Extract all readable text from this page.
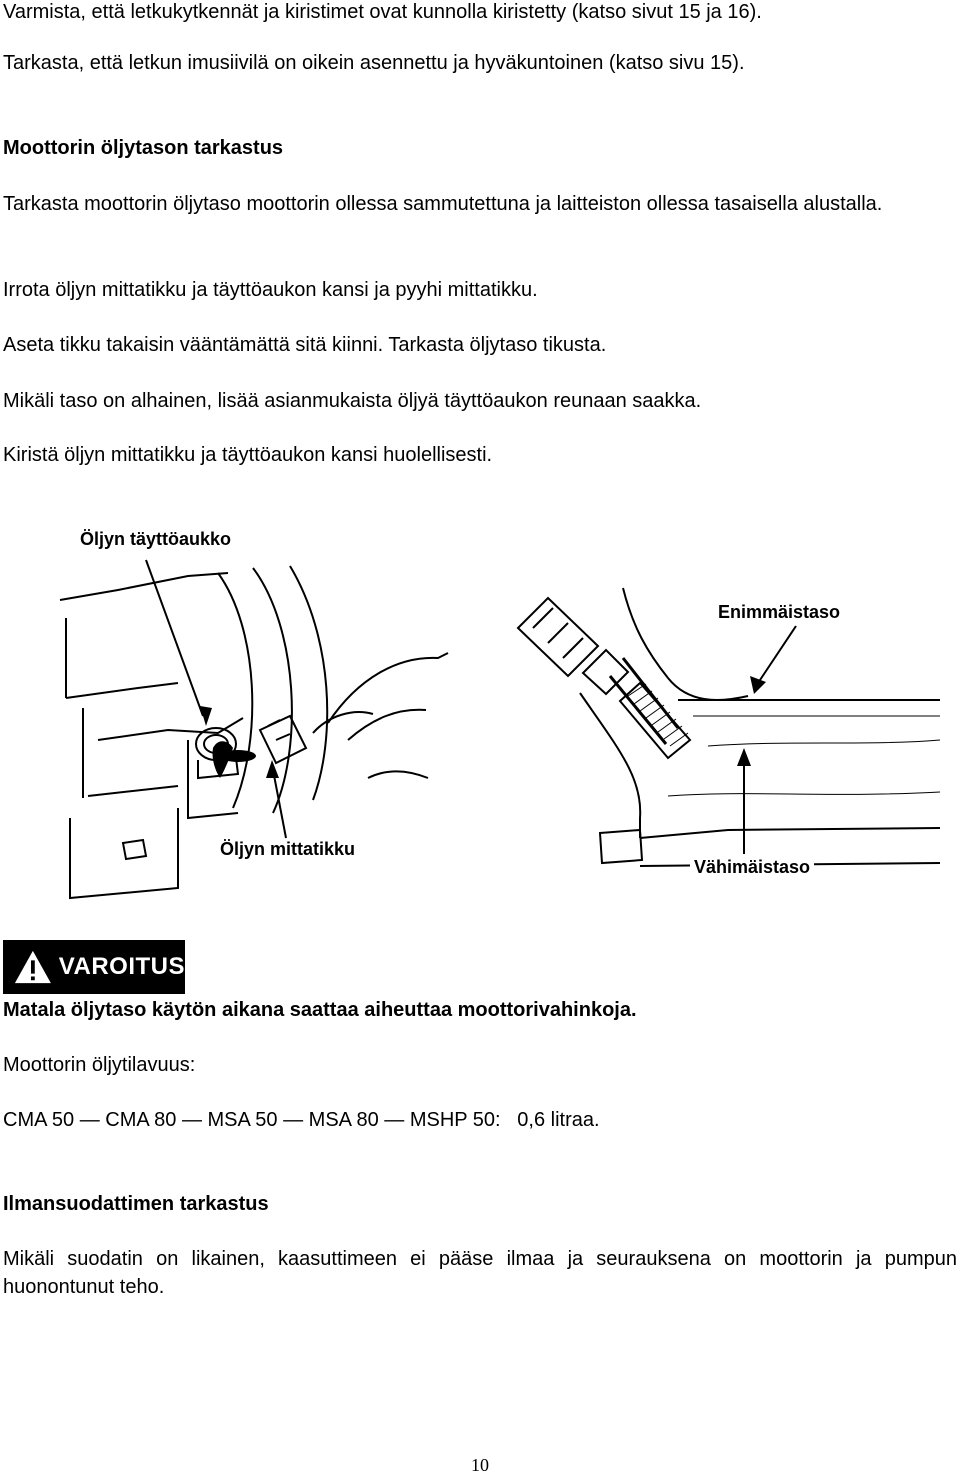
Varmista, että letkukytkennät ja kiristimet ovat kunnolla kiristetty (katso sivut 15 ja 16).

Tarkasta, että letkun imusiivilä on oikein asennettu ja hyväkuntoinen (katso sivu 15).

Moottorin öljytason tarkastus

Tarkasta moottorin öljytaso moottorin ollessa sammutettuna ja laitteiston ollessa tasaisella alustalla.

Irrota öljyn mittatikku ja täyttöaukon kansi ja pyyhi mittatikku.

Aseta tikku takaisin vääntämättä sitä kiinni. Tarkasta öljytaso tikusta.

Mikäli taso on alhainen, lisää asianmukaista öljyä täyttöaukon reunaan saakka.

Kiristä öljyn mittatikku ja täyttöaukon kansi huolellisesti.

Öljyn täyttöaukko
Enimmäistaso
Öljyn mittatikku
Vähimäistaso
VAROITUS

Matala öljytaso käytön aikana saattaa aiheuttaa moottorivahinkoja.

Moottorin öljytilavuus:

CMA 50 — CMA 80 — MSA 50 — MSA 80 — MSHP 50: 0,6 litraa.

Ilmansuodattimen tarkastus

Mikäli suodatin on likainen, kaasuttimeen ei pääse ilmaa ja seurauksena on moottorin ja pumpun huonontunut teho.

10
